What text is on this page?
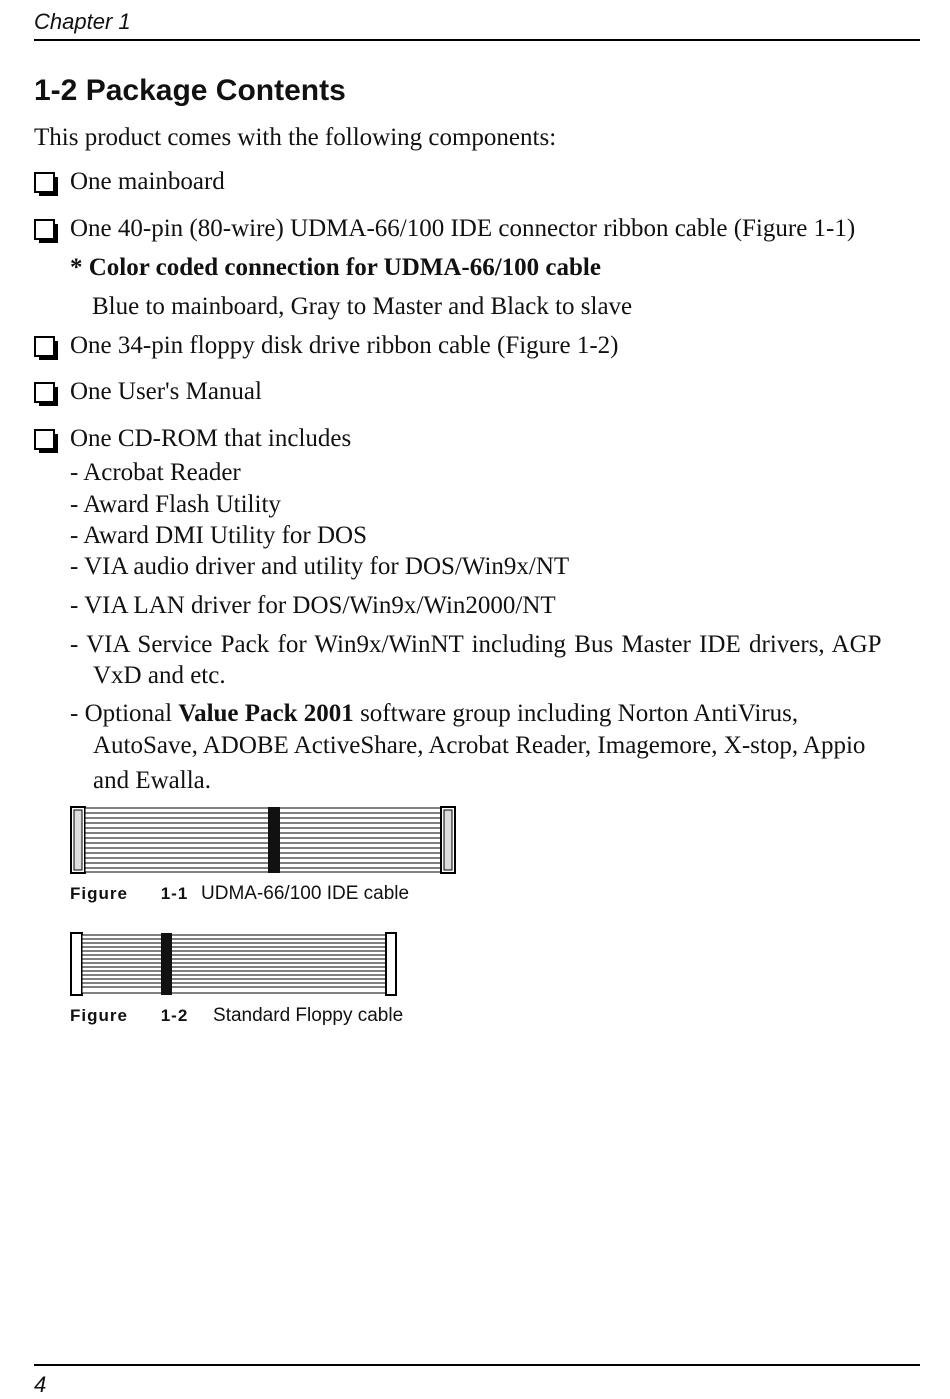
Chapter 1
1-2 Package Contents
This product comes with the following components:
One mainboard
One 40-pin (80-wire) UDMA-66/100 IDE connector ribbon cable (Figure 1-1)
* Color coded connection for UDMA-66/100 cable
Blue to mainboard, Gray to Master and Black to slave
One 34-pin floppy disk drive ribbon cable (Figure 1-2)
One User's Manual
One CD-ROM that includes
- Acrobat Reader
- Award Flash Utility
- Award DMI Utility for DOS
- VIA audio driver and utility for DOS/Win9x/NT
- VIA LAN driver for DOS/Win9x/Win2000/NT
- VIA Service Pack for Win9x/WinNT including Bus Master IDE drivers, AGP
VxD and etc.
- Optional Value Pack 2001 software group including Norton AntiVirus,
AutoSave, ADOBE ActiveShare, Acrobat Reader, Imagemore, X-stop, Appio
and Ewalla.
Figure 1-1 UDMA-66/100 IDE cable
Figure 1-2 Standard Floppy cable
4
